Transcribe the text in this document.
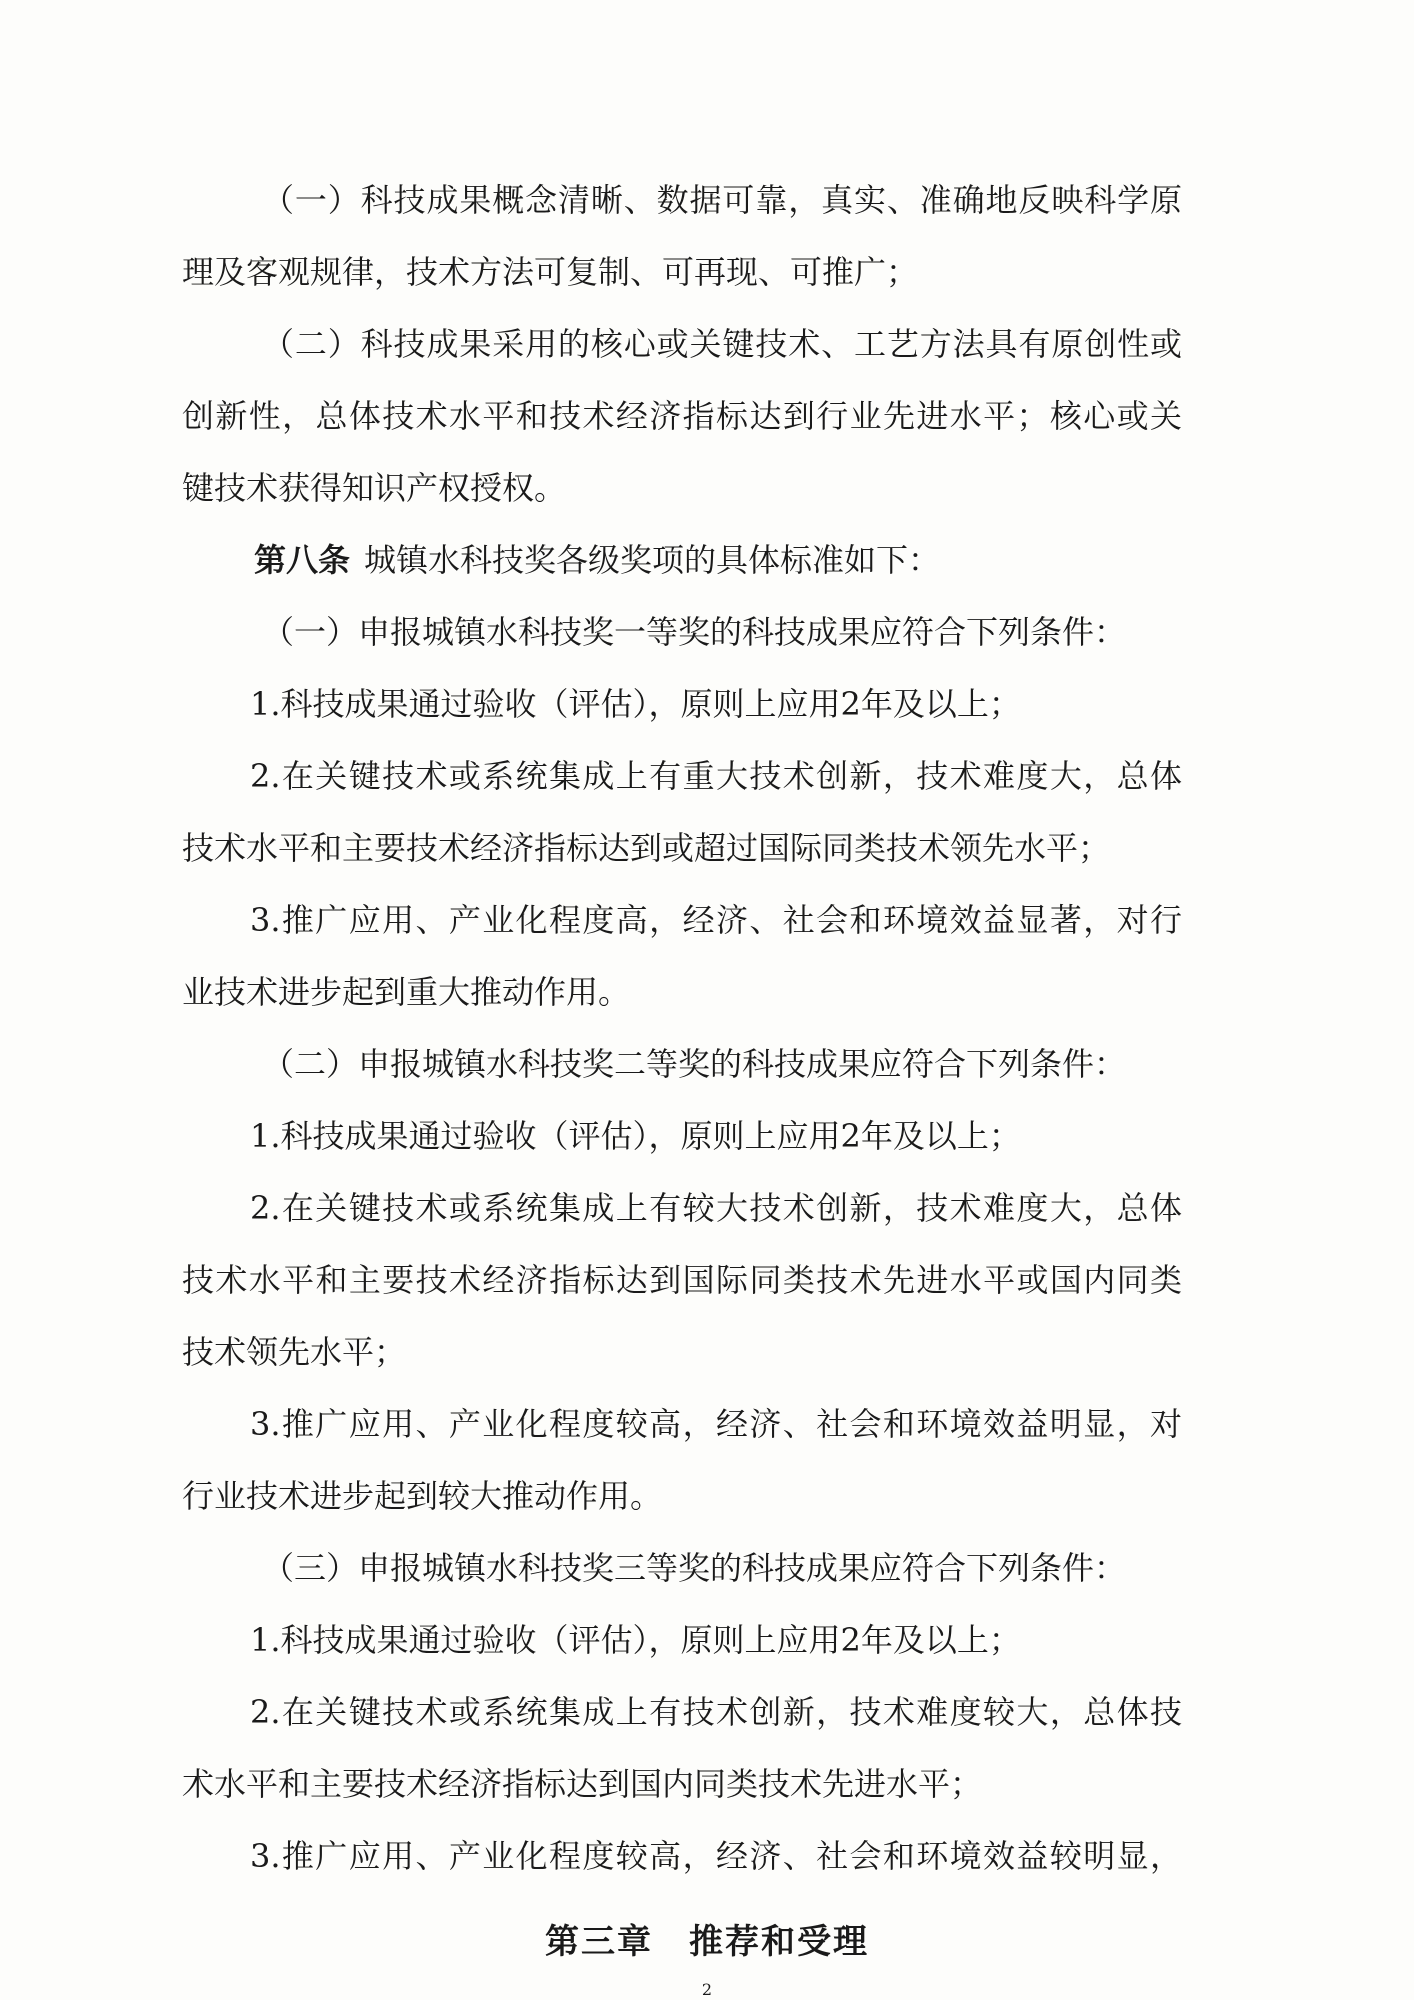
（一）科技成果概念清晰、数据可靠，真实、准确地反映科学原
理及客观规律，技术方法可复制、可再现、可推广；
（二）科技成果采用的核心或关键技术、工艺方法具有原创性或
创新性，总体技术水平和技术经济指标达到行业先进水平；核心或关
键技术获得知识产权授权。
第八条 城镇水科技奖各级奖项的具体标准如下：
（一）申报城镇水科技奖一等奖的科技成果应符合下列条件：
1.科技成果通过验收（评估），原则上应用2年及以上；
2.在关键技术或系统集成上有重大技术创新，技术难度大，总体
技术水平和主要技术经济指标达到或超过国际同类技术领先水平；
3.推广应用、产业化程度高，经济、社会和环境效益显著，对行
业技术进步起到重大推动作用。
（二）申报城镇水科技奖二等奖的科技成果应符合下列条件：
1.科技成果通过验收（评估），原则上应用2年及以上；
2.在关键技术或系统集成上有较大技术创新，技术难度大，总体
技术水平和主要技术经济指标达到国际同类技术先进水平或国内同类
技术领先水平；
3.推广应用、产业化程度较高，经济、社会和环境效益明显，对
行业技术进步起到较大推动作用。
（三）申报城镇水科技奖三等奖的科技成果应符合下列条件：
1.科技成果通过验收（评估），原则上应用2年及以上；
2.在关键技术或系统集成上有技术创新，技术难度较大，总体技
术水平和主要技术经济指标达到国内同类技术先进水平；
3.推广应用、产业化程度较高，经济、社会和环境效益较明显，
第三章　推荐和受理
2
